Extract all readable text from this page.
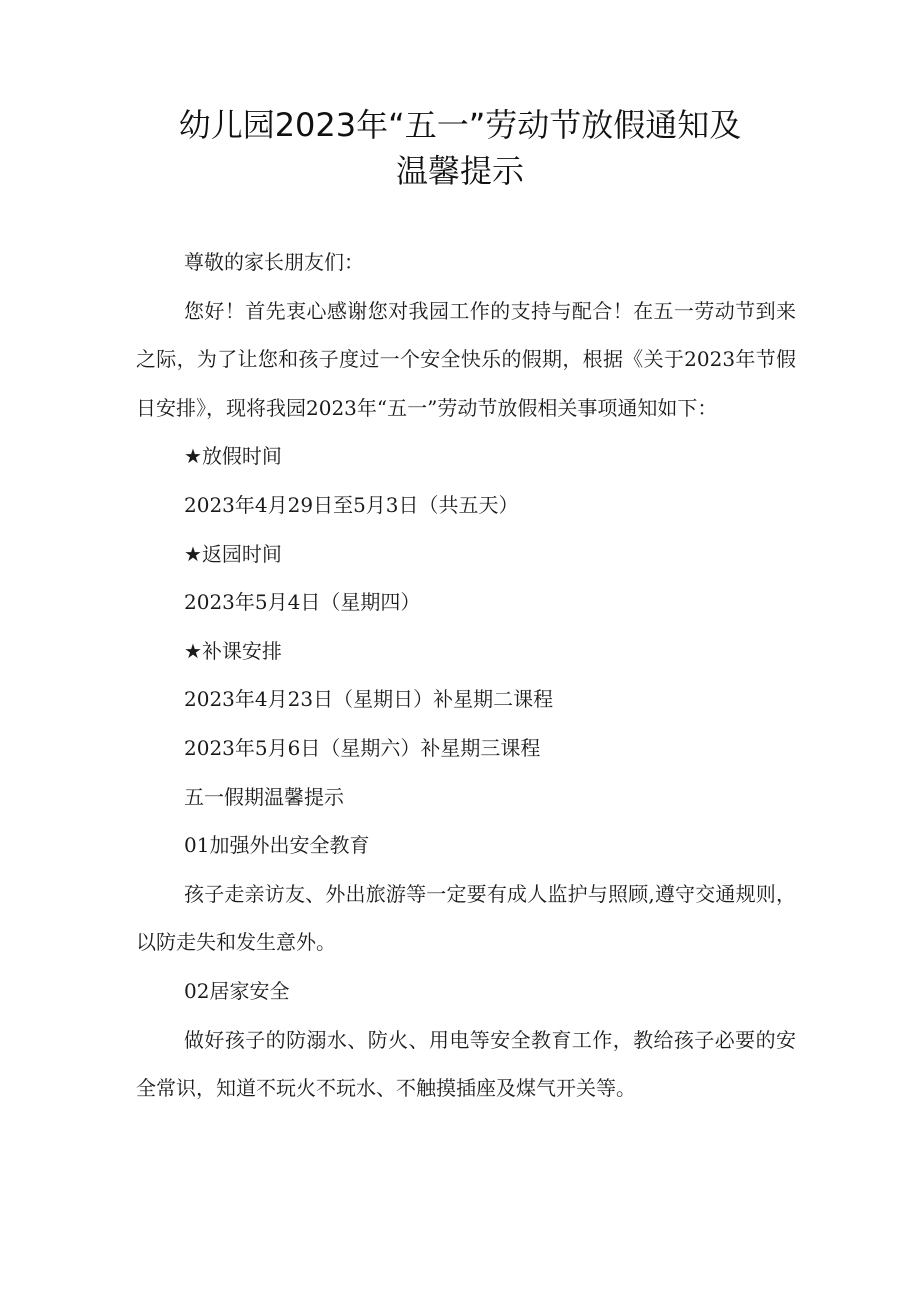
幼儿园2023年“五一”劳动节放假通知及
温馨提示

尊敬的家长朋友们：

您好！首先衷心感谢您对我园工作的支持与配合！在五一劳动节到来之际，为了让您和孩子度过一个安全快乐的假期，根据《关于2023年节假日安排》，现将我园2023年“五一”劳动节放假相关事项通知如下：

★放假时间

2023年4月29日至5月3日（共五天）

★返园时间

2023年5月4日（星期四）

★补课安排

2023年4月23日（星期日）补星期二课程

2023年5月6日（星期六）补星期三课程

五一假期温馨提示

01加强外出安全教育

孩子走亲访友、外出旅游等一定要有成人监护与照顾,遵守交通规则，以防走失和发生意外。

02居家安全

做好孩子的防溺水、防火、用电等安全教育工作，教给孩子必要的安全常识，知道不玩火不玩水、不触摸插座及煤气开关等。
